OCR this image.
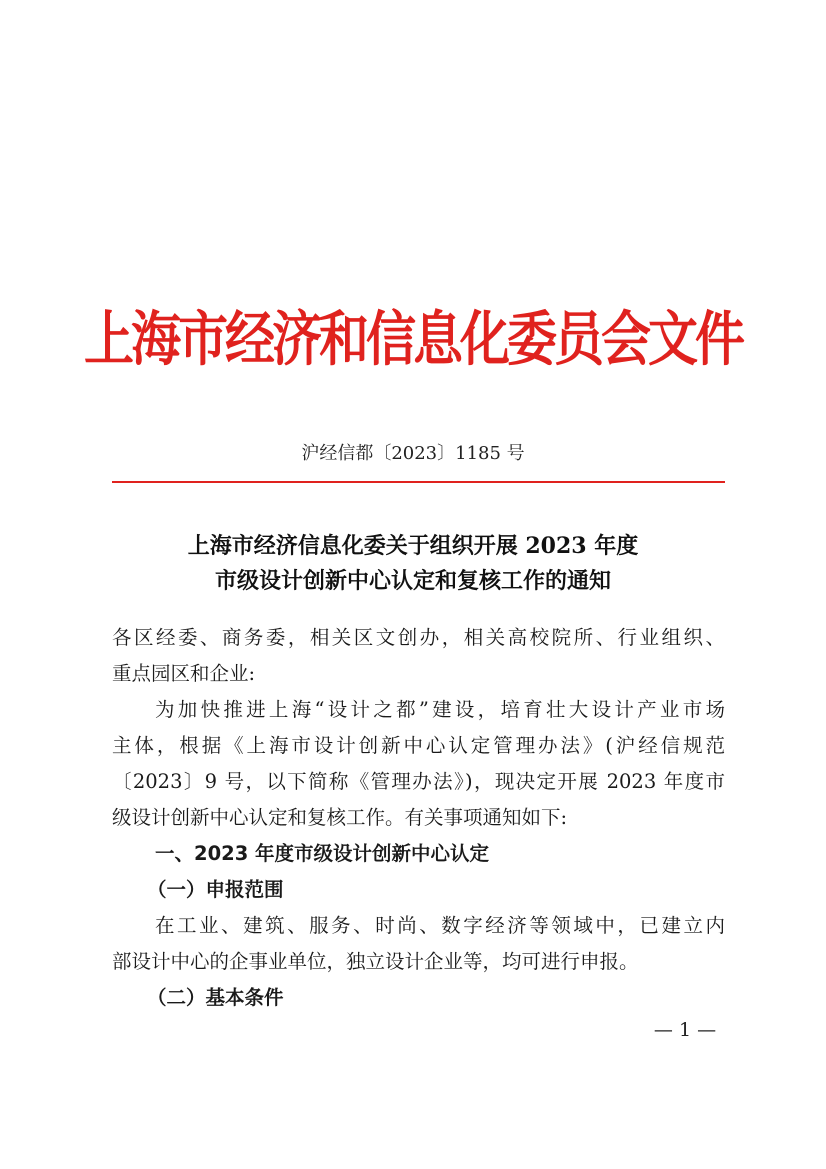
上海市经济和信息化委员会文件
沪经信都〔2023〕1185 号
上海市经济信息化委关于组织开展 2023 年度
市级设计创新中心认定和复核工作的通知
各区经委、商务委，相关区文创办，相关高校院所、行业组织、
重点园区和企业:
为加快推进上海“设计之都”建设，培育壮大设计产业市场
主体，根据《上海市设计创新中心认定管理办法》(沪经信规范
〔2023〕9 号，以下简称《管理办法》)，现决定开展 2023 年度市
级设计创新中心认定和复核工作。有关事项通知如下:
一、2023 年度市级设计创新中心认定
（一）申报范围
在工业、建筑、服务、时尚、数字经济等领域中，已建立内
部设计中心的企事业单位，独立设计企业等，均可进行申报。
（二）基本条件
— 1 —
